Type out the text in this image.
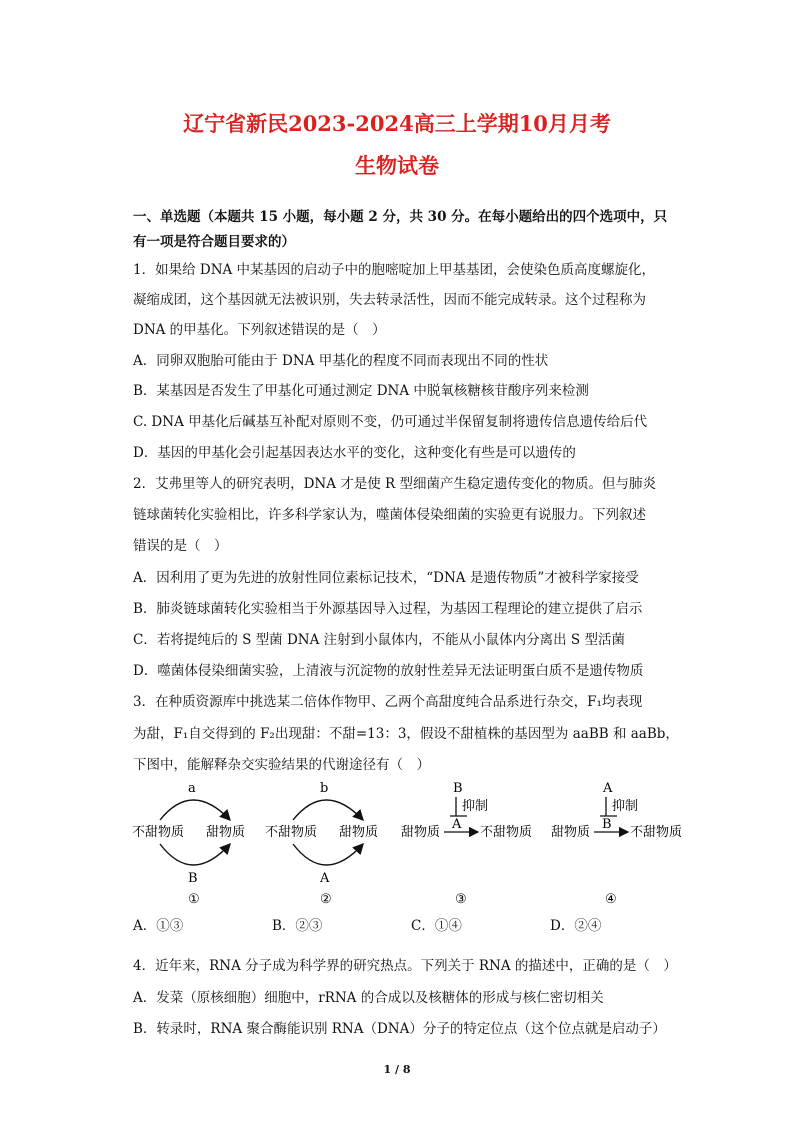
辽宁省新民2023-2024高三上学期10月月考
生物试卷
一、单选题（本题共 15 小题，每小题 2 分，共 30 分。在每小题给出的四个选项中，只
有一项是符合题目要求的）
1．如果给 DNA 中某基因的启动子中的胞嘧啶加上甲基基团，会使染色质高度螺旋化，
凝缩成团，这个基因就无法被识别，失去转录活性，因而不能完成转录。这个过程称为
DNA 的甲基化。下列叙述错误的是（　）
A．同卵双胞胎可能由于 DNA 甲基化的程度不同而表现出不同的性状
B．某基因是否发生了甲基化可通过测定 DNA 中脱氧核糖核苷酸序列来检测
C. DNA 甲基化后碱基互补配对原则不变，仍可通过半保留复制将遗传信息遗传给后代
D．基因的甲基化会引起基因表达水平的变化，这种变化有些是可以遗传的
2．艾弗里等人的研究表明，DNA 才是使 R 型细菌产生稳定遗传变化的物质。但与肺炎
链球菌转化实验相比，许多科学家认为，噬菌体侵染细菌的实验更有说服力。下列叙述
错误的是（　）
A．因利用了更为先进的放射性同位素标记技术，“DNA 是遗传物质”才被科学家接受
B．肺炎链球菌转化实验相当于外源基因导入过程，为基因工程理论的建立提供了启示
C．若将提纯后的 S 型菌 DNA 注射到小鼠体内，不能从小鼠体内分离出 S 型活菌
D．噬菌体侵染细菌实验，上清液与沉淀物的放射性差异无法证明蛋白质不是遗传物质
3．在种质资源库中挑选某二倍体作物甲、乙两个高甜度纯合品系进行杂交，F₁均表现
为甜，F₁自交得到的 F₂出现甜：不甜=13：3，假设不甜植株的基因型为 aaBB 和 aaBb，
下图中，能解释杂交实验结果的代谢途径有（　）
a
不甜物质 甜物质
B
①
b
不甜物质 甜物质
A
②
B
抑制
A
甜物质	不甜物质
③
A
抑制
B
甜物质	不甜物质
④
A．①③	B．②③	C．①④	D．②④
4．近年来，RNA 分子成为科学界的研究热点。下列关于 RNA 的描述中，正确的是（　）
A．发菜（原核细胞）细胞中，rRNA 的合成以及核糖体的形成与核仁密切相关
B．转录时，RNA 聚合酶能识别 RNA（DNA）分子的特定位点（这个位点就是启动子）
1 / 8
